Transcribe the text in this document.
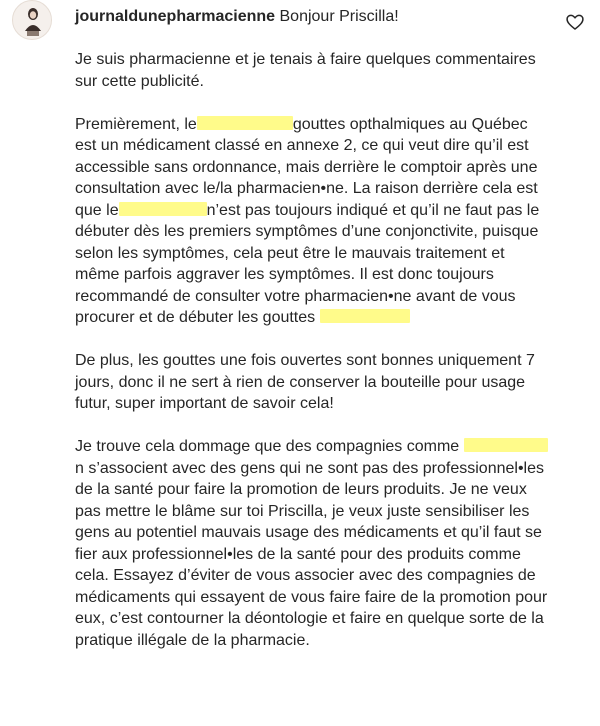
journaldunepharmacienne Bonjour Priscilla!

Je suis pharmacienne et je tenais à faire quelques commentaires sur cette publicité.

Premièrement, le	gouttes opthalmiques au Québec est un médicament classé en annexe 2, ce qui veut dire qu’il est accessible sans ordonnance, mais derrière le comptoir après une consultation avec le/la pharmacien•ne. La raison derrière cela est que le	n’est pas toujours indiqué et qu’il ne faut pas le débuter dès les premiers symptômes d’une conjonctivite, puisque selon les symptômes, cela peut être le mauvais traitement et même parfois aggraver les symptômes. Il est donc toujours recommandé de consulter votre pharmacien•ne avant de vous procurer et de débuter les gouttes

De plus, les gouttes une fois ouvertes sont bonnes uniquement 7 jours, donc il ne sert à rien de conserver la bouteille pour usage futur, super important de savoir cela!

Je trouve cela dommage que des compagnies comme n s’associent avec des gens qui ne sont pas des professionnel•les de la santé pour faire la promotion de leurs produits. Je ne veux pas mettre le blâme sur toi Priscilla, je veux juste sensibiliser les gens au potentiel mauvais usage des médicaments et qu’il faut se fier aux professionnel•les de la santé pour des produits comme cela. Essayez d’éviter de vous associer avec des compagnies de médicaments qui essayent de vous faire faire de la promotion pour eux, c’est contourner la déontologie et faire en quelque sorte de la pratique illégale de la pharmacie.
